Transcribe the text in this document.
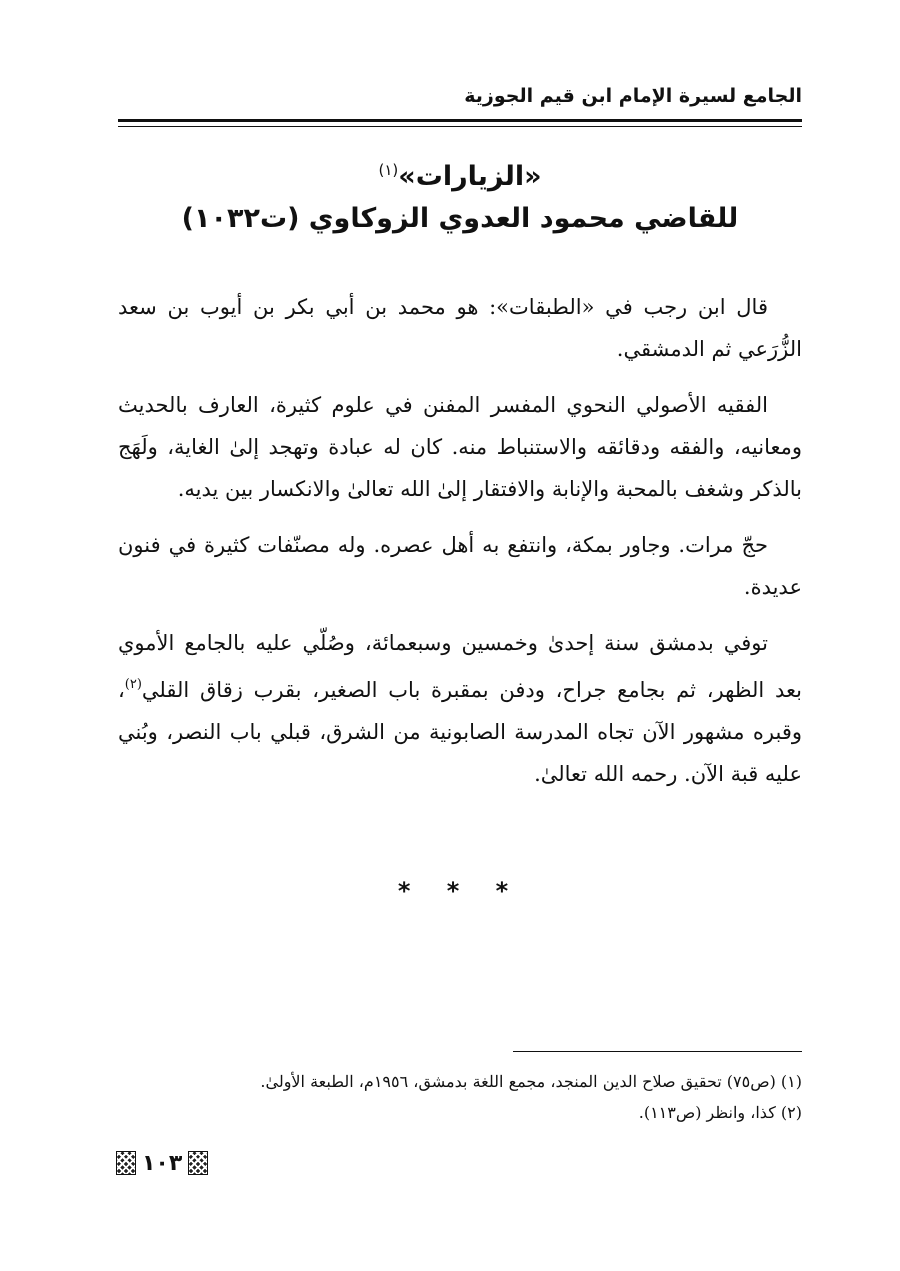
الجامع لسيرة الإمام ابن قيم الجوزية
«الزيارات»$^{(١)}$
للقاضي محمود العدوي الزوكاوي (ت١٠٣٢)

قال ابن رجب في «الطبقات»: هو محمد بن أبي بكر بن أيوب بن سعد الزُّرَعي ثم الدمشقي.

الفقيه الأصولي النحوي المفسر المفنن في علوم كثيرة، العارف بالحديث ومعانيه، والفقه ودقائقه والاستنباط منه. كان له عبادة وتهجد إلىٰ الغاية، ولَهَج بالذكر وشغف بالمحبة والإنابة والافتقار إلىٰ الله تعالىٰ والانكسار بين يديه.

حجّ مرات. وجاور بمكة، وانتفع به أهل عصره. وله مصنّفات كثيرة في فنون عديدة.

توفي بدمشق سنة إحدىٰ وخمسين وسبعمائة، وصُلّي عليه بالجامع الأموي بعد الظهر، ثم بجامع جراح، ودفن بمقبرة باب الصغير، بقرب زقاق القلي$^{(٢)}$، وقبره مشهور الآن تجاه المدرسة الصابونية من الشرق، قبلي باب النصر، وبُني عليه قبة الآن. رحمه الله تعالىٰ.

* * *
(١) (ص٧٥) تحقيق صلاح الدين المنجد، مجمع اللغة بدمشق، ١٩٥٦م، الطبعة الأولىٰ.
(٢) كذا، وانظر (ص١١٣).
١٠٣
